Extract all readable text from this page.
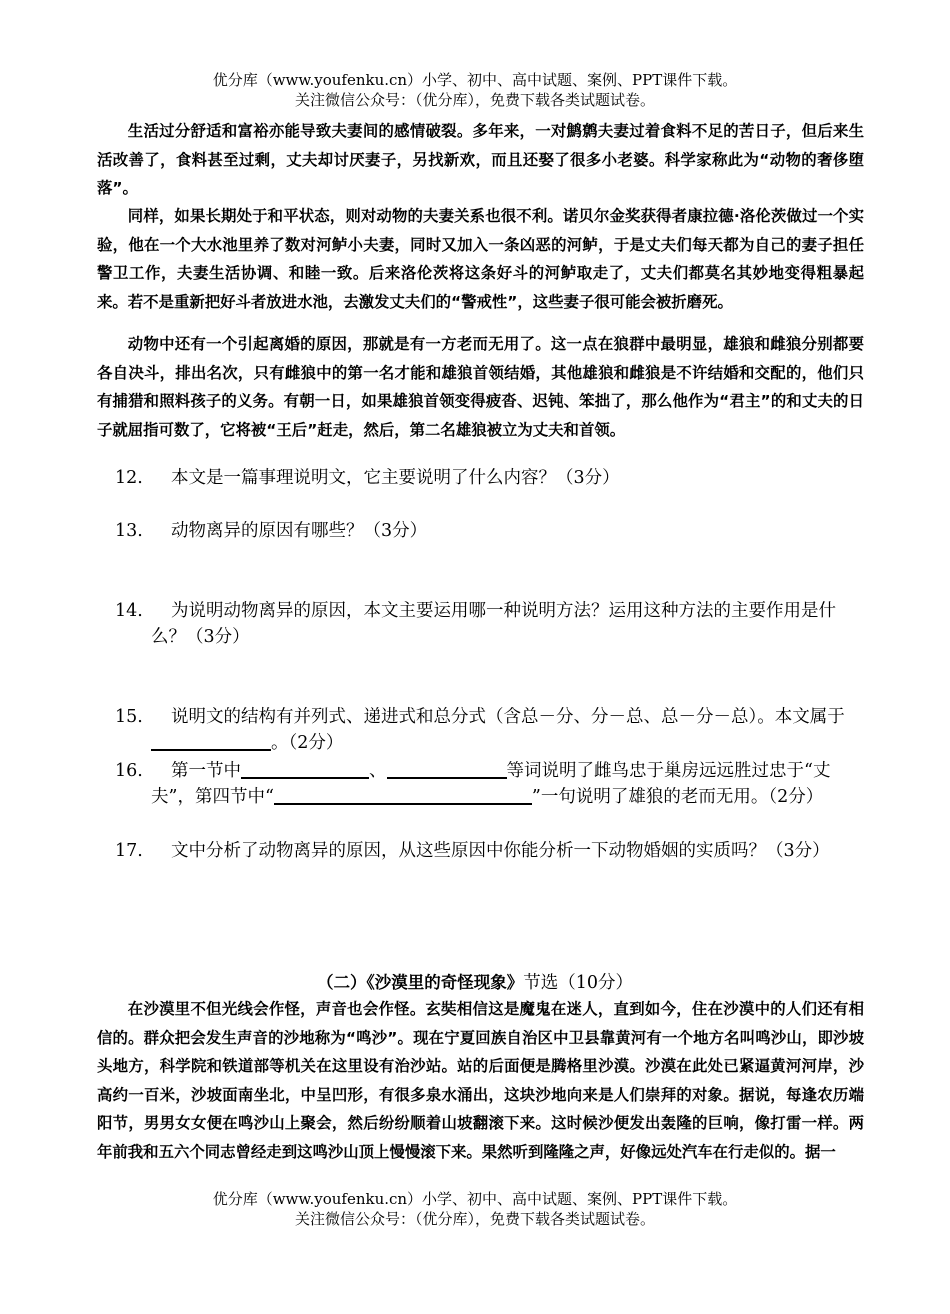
优分库（www.youfenku.cn）小学、初中、高中试题、案例、PPT课件下载。
关注微信公众号：（优分库），免费下载各类试题试卷。
生活过分舒适和富裕亦能导致夫妻间的感情破裂。多年来，一对鹪鹩夫妻过着食料不足的苦日子，但后来生活改善了，食料甚至过剩，丈夫却讨厌妻子，另找新欢，而且还娶了很多小老婆。科学家称此为“动物的奢侈堕落”。
同样，如果长期处于和平状态，则对动物的夫妻关系也很不利。诺贝尔金奖获得者康拉德·洛伦茨做过一个实验，他在一个大水池里养了数对河鲈小夫妻，同时又加入一条凶恶的河鲈，于是丈夫们每天都为自己的妻子担任警卫工作，夫妻生活协调、和睦一致。后来洛伦茨将这条好斗的河鲈取走了，丈夫们都莫名其妙地变得粗暴起来。若不是重新把好斗者放进水池，去激发丈夫们的“警戒性”，这些妻子很可能会被折磨死。
动物中还有一个引起离婚的原因，那就是有一方老而无用了。这一点在狼群中最明显，雄狼和雌狼分别都要各自决斗，排出名次，只有雌狼中的第一名才能和雄狼首领结婚，其他雄狼和雌狼是不许结婚和交配的，他们只有捕猎和照料孩子的义务。有朝一日，如果雄狼首领变得疲沓、迟钝、笨拙了，那么他作为“君主”的和丈夫的日子就屈指可数了，它将被“王后”赶走，然后，第二名雄狼被立为丈夫和首领。
12.	本文是一篇事理说明文，它主要说明了什么内容？（3分）
13.	动物离异的原因有哪些？（3分）
14.	为说明动物离异的原因，本文主要运用哪一种说明方法？运用这种方法的主要作用是什么？（3分）
15.	说明文的结构有并列式、递进式和总分式（含总－分、分－总、总－分－总）。本文属于。（2分）
16.	第一节中	、	等词说明了雌鸟忠于巢房远远胜过忠于“丈夫”，第四节中“	”一句说明了雄狼的老而无用。（2分）
17.	文中分析了动物离异的原因，从这些原因中你能分析一下动物婚姻的实质吗？（3分）
（二）《沙漠里的奇怪现象》节选（10分）
在沙漠里不但光线会作怪，声音也会作怪。玄奘相信这是魔鬼在迷人，直到如今，住在沙漠中的人们还有相信的。群众把会发生声音的沙地称为“鸣沙”。现在宁夏回族自治区中卫县靠黄河有一个地方名叫鸣沙山，即沙坡头地方，科学院和铁道部等机关在这里设有治沙站。站的后面便是腾格里沙漠。沙漠在此处已紧逼黄河河岸，沙高约一百米，沙坡面南坐北，中呈凹形，有很多泉水涌出，这块沙地向来是人们崇拜的对象。据说，每逢农历端阳节，男男女女便在鸣沙山上聚会，然后纷纷顺着山坡翻滚下来。这时候沙便发出轰隆的巨响，像打雷一样。两年前我和五六个同志曾经走到这鸣沙山顶上慢慢滚下来。果然听到隆隆之声，好像远处汽车在行走似的。据一
优分库（www.youfenku.cn）小学、初中、高中试题、案例、PPT课件下载。
关注微信公众号：（优分库），免费下载各类试题试卷。
